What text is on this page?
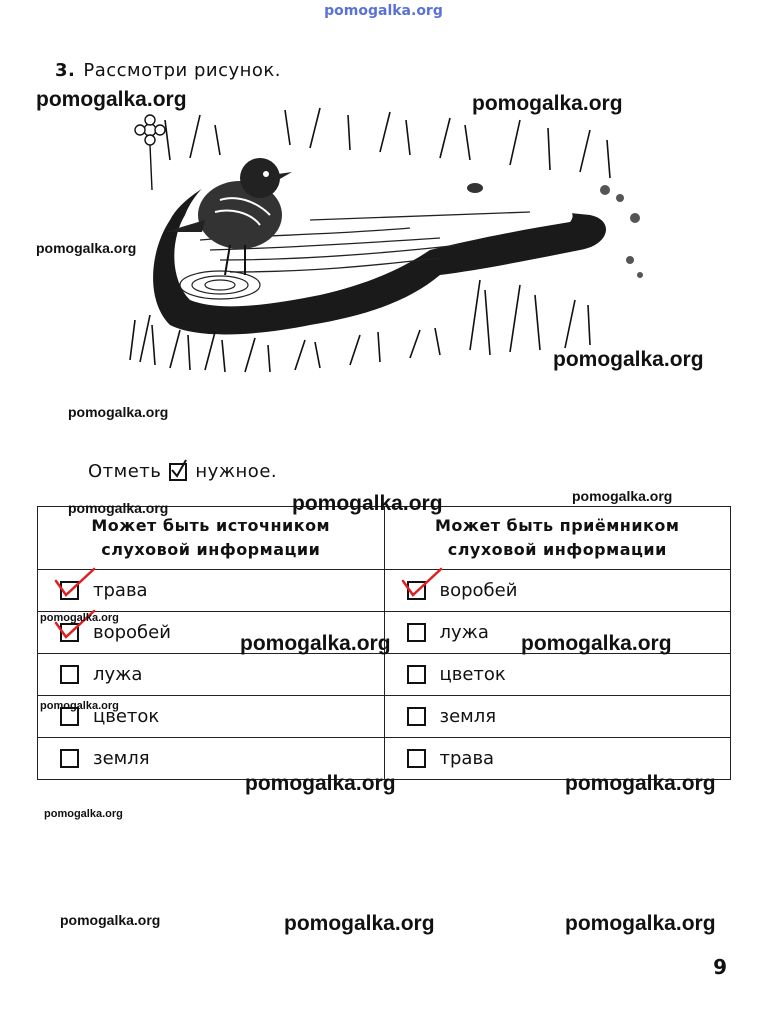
pomogalka.org
3. Рассмотри рисунок.
Отметь нужное.
Может быть источником слуховой информации	Может быть приёмником слуховой информации

трава	воробей

воробей	лужа

лужа	цветок

цветок	земля

земля	трава
pomogalka.org	pomogalka.org
pomogalka.org
pomogalka.org
pomogalka.org
pomogalka.org	pomogalka.org	pomogalka.org
pomogalka.org
pomogalka.org	pomogalka.org
pomogalka.org
pomogalka.org	pomogalka.org
pomogalka.org
pomogalka.org	pomogalka.org	pomogalka.org
9
